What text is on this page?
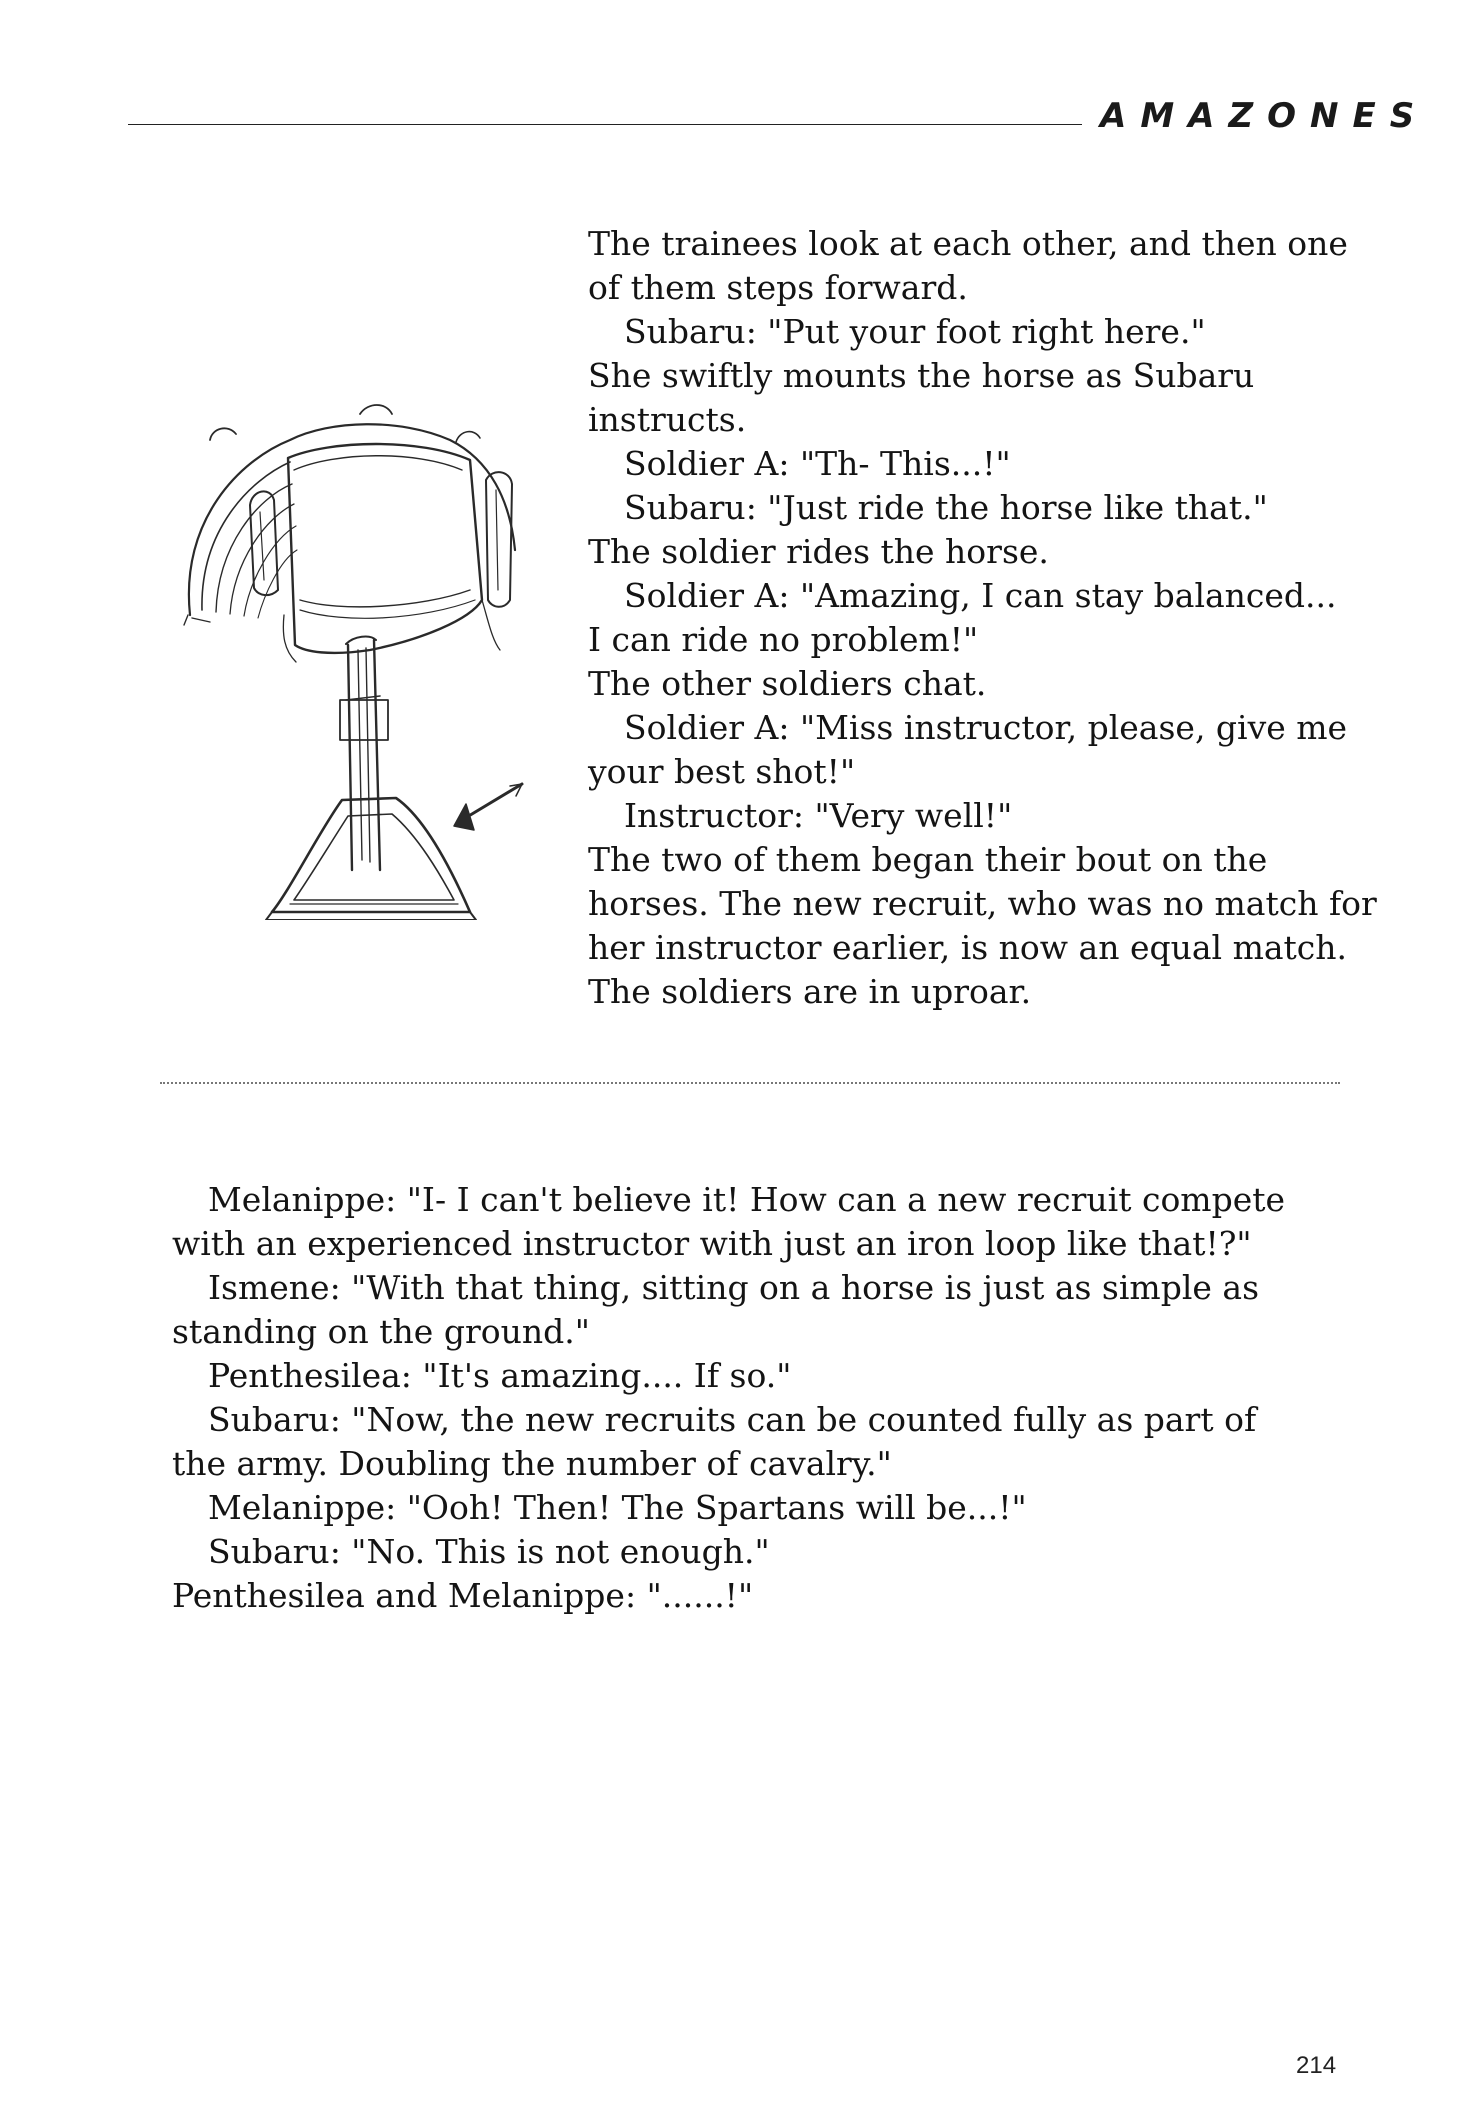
AMAZONES
The trainees look at each other, and then one
of them steps forward.
Subaru: "Put your foot right here."
She swiftly mounts the horse as Subaru
instructs.
Soldier A: "Th- This...!"
Subaru: "Just ride the horse like that."
The soldier rides the horse.
Soldier A: "Amazing, I can stay balanced...
I can ride no problem!"
The other soldiers chat.
Soldier A: "Miss instructor, please, give me
your best shot!"
Instructor: "Very well!"
The two of them began their bout on the
horses. The new recruit, who was no match for
her instructor earlier, is now an equal match.
The soldiers are in uproar.
Melanippe: "I- I can't believe it! How can a new recruit compete
with an experienced instructor with just an iron loop like that!?"
Ismene: "With that thing, sitting on a horse is just as simple as
standing on the ground."
Penthesilea: "It's amazing.... If so."
Subaru: "Now, the new recruits can be counted fully as part of
the army. Doubling the number of cavalry."
Melanippe: "Ooh! Then! The Spartans will be...!"
Subaru: "No. This is not enough."
Penthesilea and Melanippe: "......!"
214
